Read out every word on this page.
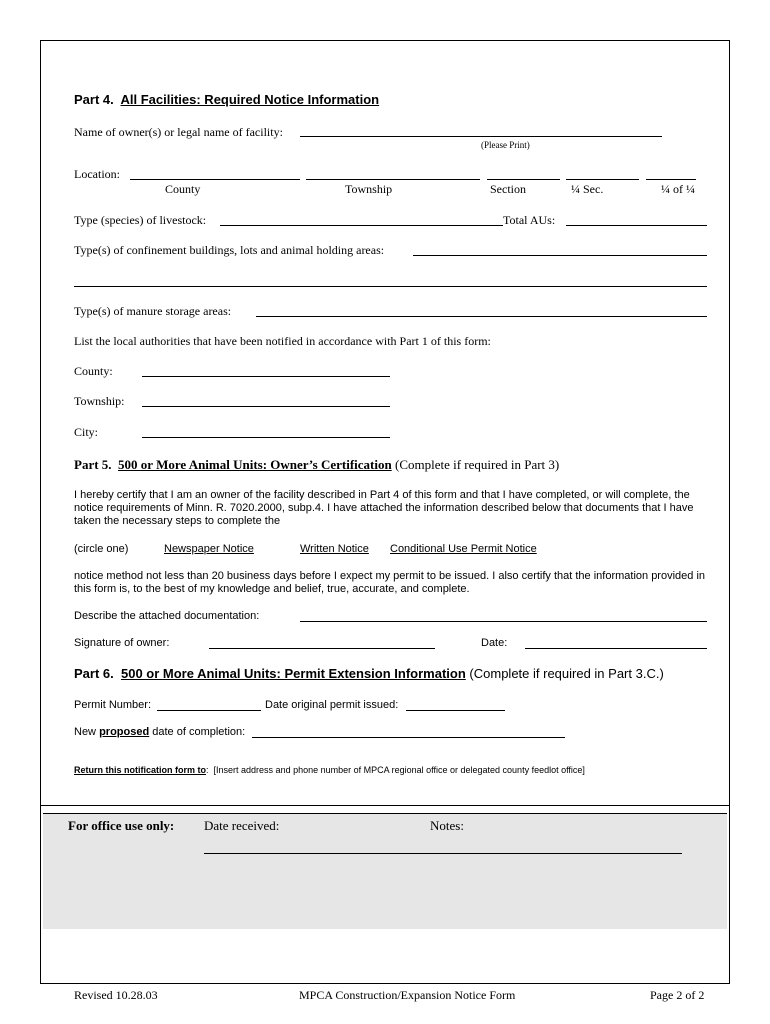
Part 4. All Facilities: Required Notice Information
Name of owner(s) or legal name of facility:
(Please Print)
Location:
County	Township	Section	¼ Sec.	¼ of ¼
Type (species) of livestock:	Total AUs:
Type(s) of confinement buildings, lots and animal holding areas:
Type(s) of manure storage areas:
List the local authorities that have been notified in accordance with Part 1 of this form:
County:
Township:
City:
Part 5. 500 or More Animal Units: Owner’s Certification (Complete if required in Part 3)
I hereby certify that I am an owner of the facility described in Part 4 of this form and that I have completed, or will complete, the notice requirements of Minn. R. 7020.2000, subp.4. I have attached the information described below that documents that I have taken the necessary steps to complete the
(circle one)	Newspaper Notice	Written Notice Conditional Use Permit Notice
notice method not less than 20 business days before I expect my permit to be issued. I also certify that the information provided in this form is, to the best of my knowledge and belief, true, accurate, and complete.
Describe the attached documentation:
Signature of owner:	Date:
Part 6. 500 or More Animal Units: Permit Extension Information (Complete if required in Part 3.C.)
Permit Number:	Date original permit issued:
New proposed date of completion:
Return this notification form to: [Insert address and phone number of MPCA regional office or delegated county feedlot office]
For office use only: Date received:	Notes:
Revised 10.28.03	MPCA Construction/Expansion Notice Form	Page 2 of 2
